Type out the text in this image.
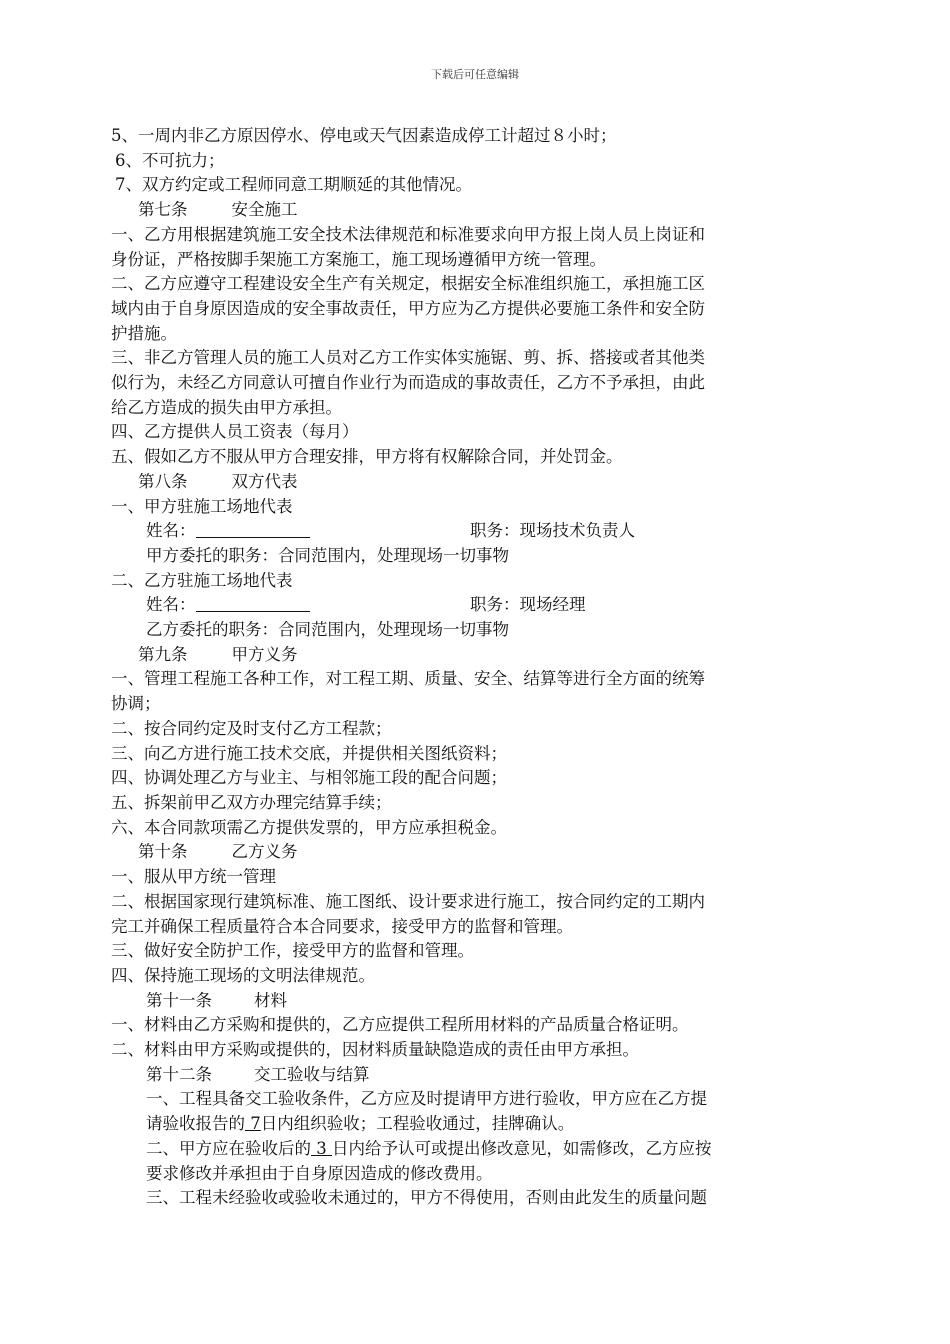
下载后可任意编辑
5、一周内非乙方原因停水、停电或天气因素造成停工计超过８小时；
6、不可抗力；
7、双方约定或工程师同意工期顺延的其他情况。
第七条	安全施工
一、乙方用根据建筑施工安全技术法律规范和标准要求向甲方报上岗人员上岗证和
身份证，严格按脚手架施工方案施工，施工现场遵循甲方统一管理。
二、乙方应遵守工程建设安全生产有关规定，根据安全标准组织施工，承担施工区
域内由于自身原因造成的安全事故责任，甲方应为乙方提供必要施工条件和安全防
护措施。
三、非乙方管理人员的施工人员对乙方工作实体实施锯、剪、拆、搭接或者其他类
似行为，未经乙方同意认可擅自作业行为而造成的事故责任，乙方不予承担，由此
给乙方造成的损失由甲方承担。
四、乙方提供人员工资表（每月）
五、假如乙方不服从甲方合理安排，甲方将有权解除合同，并处罚金。
第八条	双方代表
一、甲方驻施工场地代表
姓名：	职务：现场技术负责人
甲方委托的职务：合同范围内，处理现场一切事物
二、乙方驻施工场地代表
姓名：	职务：现场经理
乙方委托的职务：合同范围内，处理现场一切事物
第九条	甲方义务
一、管理工程施工各种工作，对工程工期、质量、安全、结算等进行全方面的统筹
协调；
二、按合同约定及时支付乙方工程款；
三、向乙方进行施工技术交底，并提供相关图纸资料；
四、协调处理乙方与业主、与相邻施工段的配合问题；
五、拆架前甲乙双方办理完结算手续；
六、本合同款项需乙方提供发票的，甲方应承担税金。
第十条	乙方义务
一、服从甲方统一管理
二、根据国家现行建筑标准、施工图纸、设计要求进行施工，按合同约定的工期内
完工并确保工程质量符合本合同要求，接受甲方的监督和管理。
三、做好安全防护工作，接受甲方的监督和管理。
四、保持施工现场的文明法律规范。
第十一条	材料
一、材料由乙方采购和提供的，乙方应提供工程所用材料的产品质量合格证明。
二、材料由甲方采购或提供的，因材料质量缺隐造成的责任由甲方承担。
第十二条	交工验收与结算
一、工程具备交工验收条件，乙方应及时提请甲方进行验收，甲方应在乙方提
请验收报告的 7日内组织验收；工程验收通过，挂牌确认。
二、甲方应在验收后的 3 日内给予认可或提出修改意见，如需修改，乙方应按
要求修改并承担由于自身原因造成的修改费用。
三、工程未经验收或验收未通过的，甲方不得使用，否则由此发生的质量问题
